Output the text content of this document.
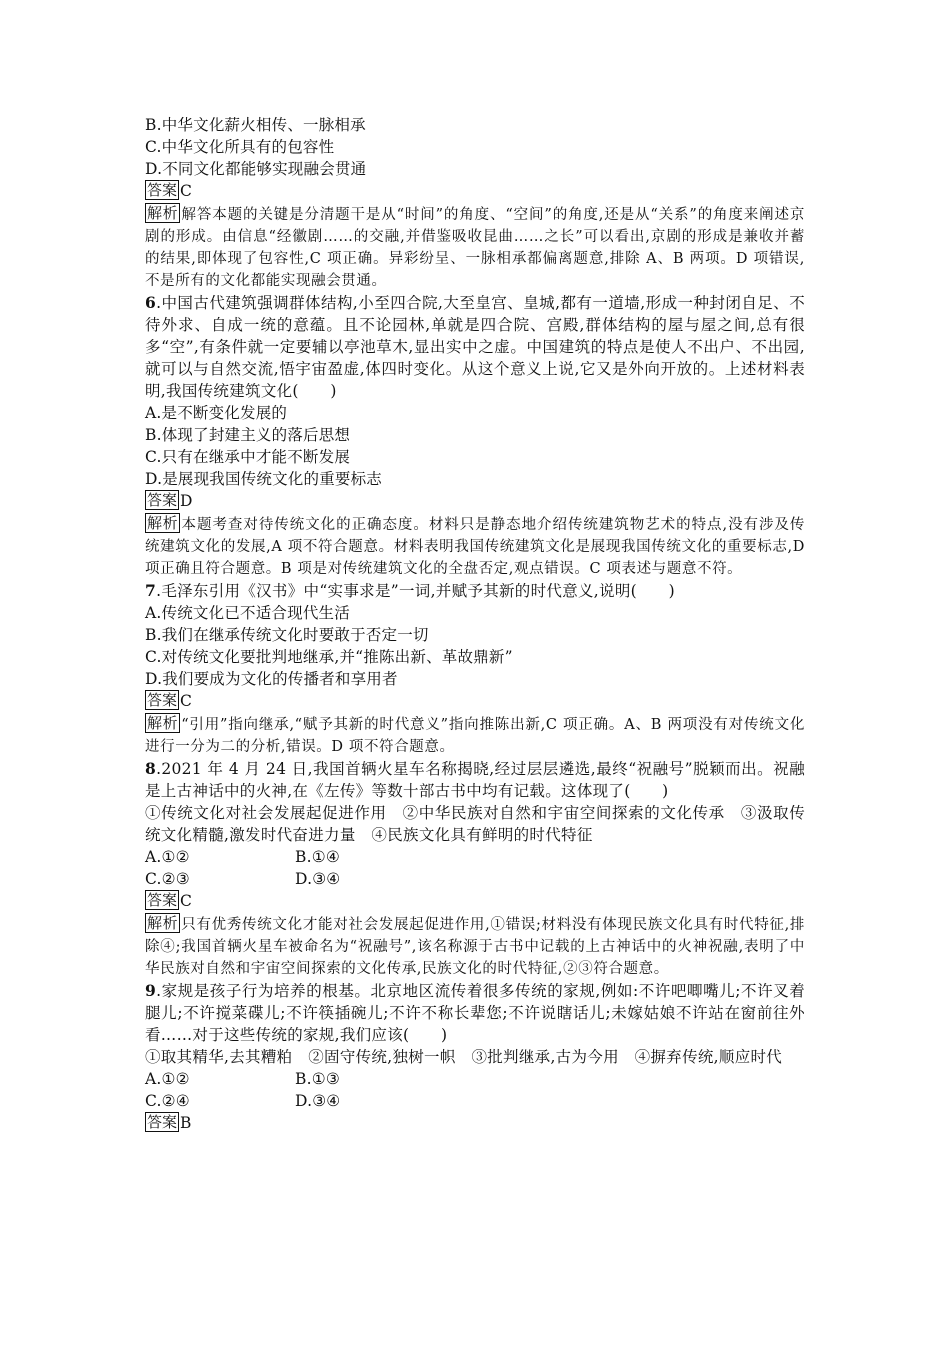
B.中华文化薪火相传、一脉相承
C.中华文化所具有的包容性
D.不同文化都能够实现融会贯通
答案 C
解析 解答本题的关键是分清题干是从“时间”的角度、“空间”的角度,还是从“关系”的角度来阐述京剧的形成。由信息“经徽剧……的交融,并借鉴吸收昆曲……之长”可以看出,京剧的形成是兼收并蓄的结果,即体现了包容性,C 项正确。异彩纷呈、一脉相承都偏离题意,排除 A、B 两项。D 项错误,不是所有的文化都能实现融会贯通。
6.中国古代建筑强调群体结构,小至四合院,大至皇宫、皇城,都有一道墙,形成一种封闭自足、不待外求、自成一统的意蕴。且不论园林,单就是四合院、宫殿,群体结构的屋与屋之间,总有很多“空”,有条件就一定要辅以亭池草木,显出实中之虚。中国建筑的特点是使人不出户、不出园,就可以与自然交流,悟宇宙盈虚,体四时变化。从这个意义上说,它又是外向开放的。上述材料表明,我国传统建筑文化(　　)
A.是不断变化发展的
B.体现了封建主义的落后思想
C.只有在继承中才能不断发展
D.是展现我国传统文化的重要标志
答案 D
解析 本题考查对待传统文化的正确态度。材料只是静态地介绍传统建筑物艺术的特点,没有涉及传统建筑文化的发展,A 项不符合题意。材料表明我国传统建筑文化是展现我国传统文化的重要标志,D 项正确且符合题意。B 项是对传统建筑文化的全盘否定,观点错误。C 项表述与题意不符。
7.毛泽东引用《汉书》中“实事求是”一词,并赋予其新的时代意义,说明(　　)
A.传统文化已不适合现代生活
B.我们在继承传统文化时要敢于否定一切
C.对传统文化要批判地继承,并“推陈出新、革故鼎新”
D.我们要成为文化的传播者和享用者
答案 C
解析 “引用”指向继承,“赋予其新的时代意义”指向推陈出新,C 项正确。A、B 两项没有对传统文化进行一分为二的分析,错误。D 项不符合题意。
8.2021 年 4 月 24 日,我国首辆火星车名称揭晓,经过层层遴选,最终“祝融号”脱颖而出。祝融是上古神话中的火神,在《左传》等数十部古书中均有记载。这体现了(　　)
①传统文化对社会发展起促进作用　②中华民族对自然和宇宙空间探索的文化传承　③汲取传统文化精髓,激发时代奋进力量　④民族文化具有鲜明的时代特征
A.①②	B.①④
C.②③	D.③④
答案 C
解析 只有优秀传统文化才能对社会发展起促进作用,①错误;材料没有体现民族文化具有时代特征,排除④;我国首辆火星车被命名为“祝融号”,该名称源于古书中记载的上古神话中的火神祝融,表明了中华民族对自然和宇宙空间探索的文化传承,民族文化的时代特征,②③符合题意。
9.家规是孩子行为培养的根基。北京地区流传着很多传统的家规,例如:不许吧唧嘴儿;不许叉着腿儿;不许搅菜碟儿;不许筷插碗儿;不许不称长辈您;不许说瞎话儿;未嫁姑娘不许站在窗前往外看……对于这些传统的家规,我们应该(　　)
①取其精华,去其糟粕　②固守传统,独树一帜　③批判继承,古为今用　④摒弃传统,顺应时代
A.①②	B.①③
C.②④	D.③④
答案 B
